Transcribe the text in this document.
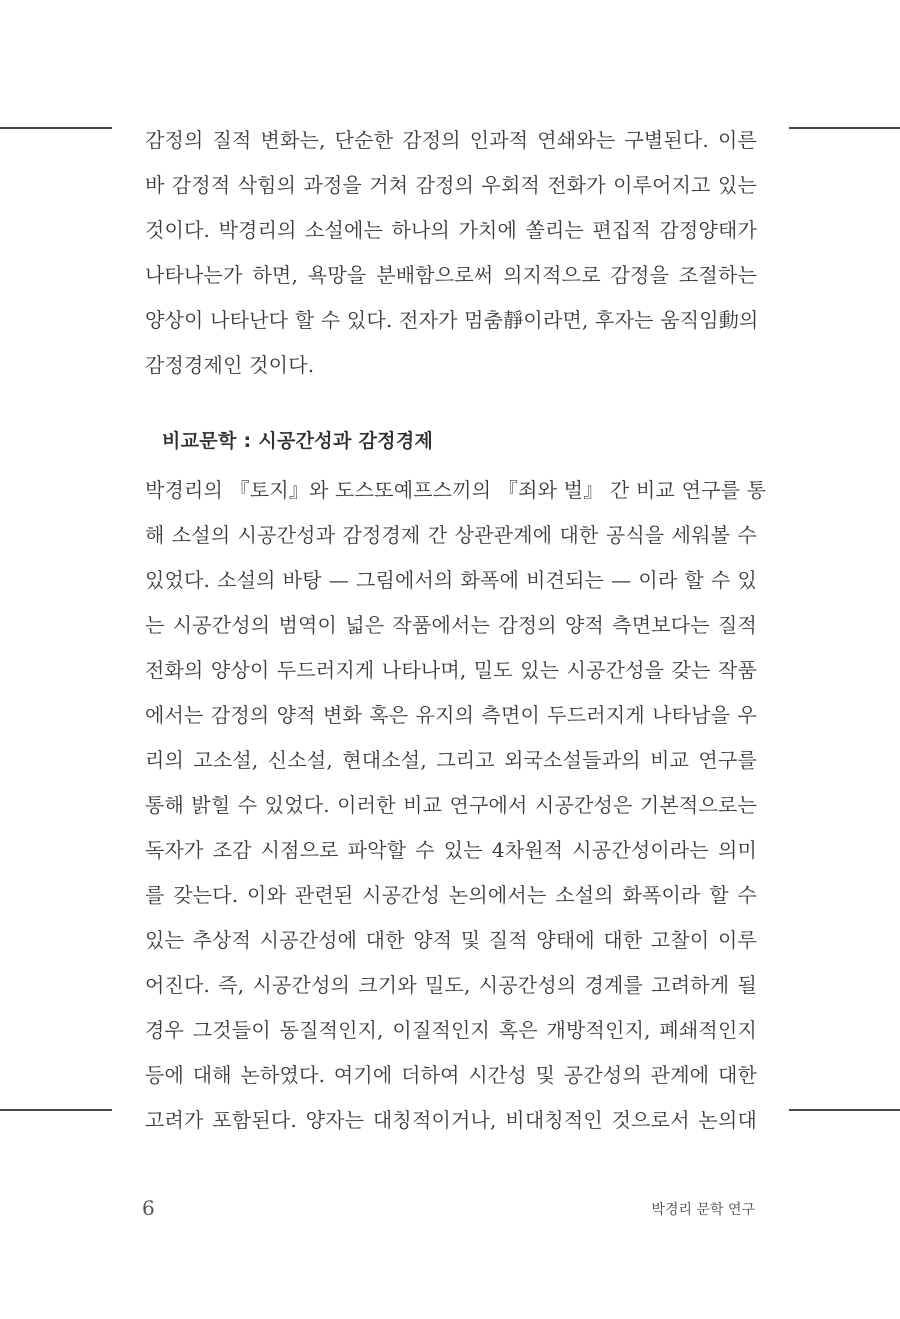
감정의 질적 변화는, 단순한 감정의 인과적 연쇄와는 구별된다. 이른
바 감정적 삭힘의 과정을 거쳐 감정의 우회적 전화가 이루어지고 있는
것이다. 박경리의 소설에는 하나의 가치에 쏠리는 편집적 감정양태가
나타나는가 하면, 욕망을 분배함으로써 의지적으로 감정을 조절하는
양상이 나타난다 할 수 있다. 전자가 멈춤靜이라면, 후자는 움직임動의
감정경제인 것이다.
비교문학 : 시공간성과 감정경제
박경리의 『토지』와 도스또예프스끼의 『죄와 벌』 간 비교 연구를 통
해 소설의 시공간성과 감정경제 간 상관관계에 대한 공식을 세워볼 수
있었다. 소설의 바탕 — 그림에서의 화폭에 비견되는 — 이라 할 수 있
는 시공간성의 범역이 넓은 작품에서는 감정의 양적 측면보다는 질적
전화의 양상이 두드러지게 나타나며, 밀도 있는 시공간성을 갖는 작품
에서는 감정의 양적 변화 혹은 유지의 측면이 두드러지게 나타남을 우
리의 고소설, 신소설, 현대소설, 그리고 외국소설들과의 비교 연구를
통해 밝힐 수 있었다. 이러한 비교 연구에서 시공간성은 기본적으로는
독자가 조감 시점으로 파악할 수 있는 4차원적 시공간성이라는 의미
를 갖는다. 이와 관련된 시공간성 논의에서는 소설의 화폭이라 할 수
있는 추상적 시공간성에 대한 양적 및 질적 양태에 대한 고찰이 이루
어진다. 즉, 시공간성의 크기와 밀도, 시공간성의 경계를 고려하게 될
경우 그것들이 동질적인지, 이질적인지 혹은 개방적인지, 폐쇄적인지
등에 대해 논하였다. 여기에 더하여 시간성 및 공간성의 관계에 대한
고려가 포함된다. 양자는 대칭적이거나, 비대칭적인 것으로서 논의대
6	박경리 문학 연구
